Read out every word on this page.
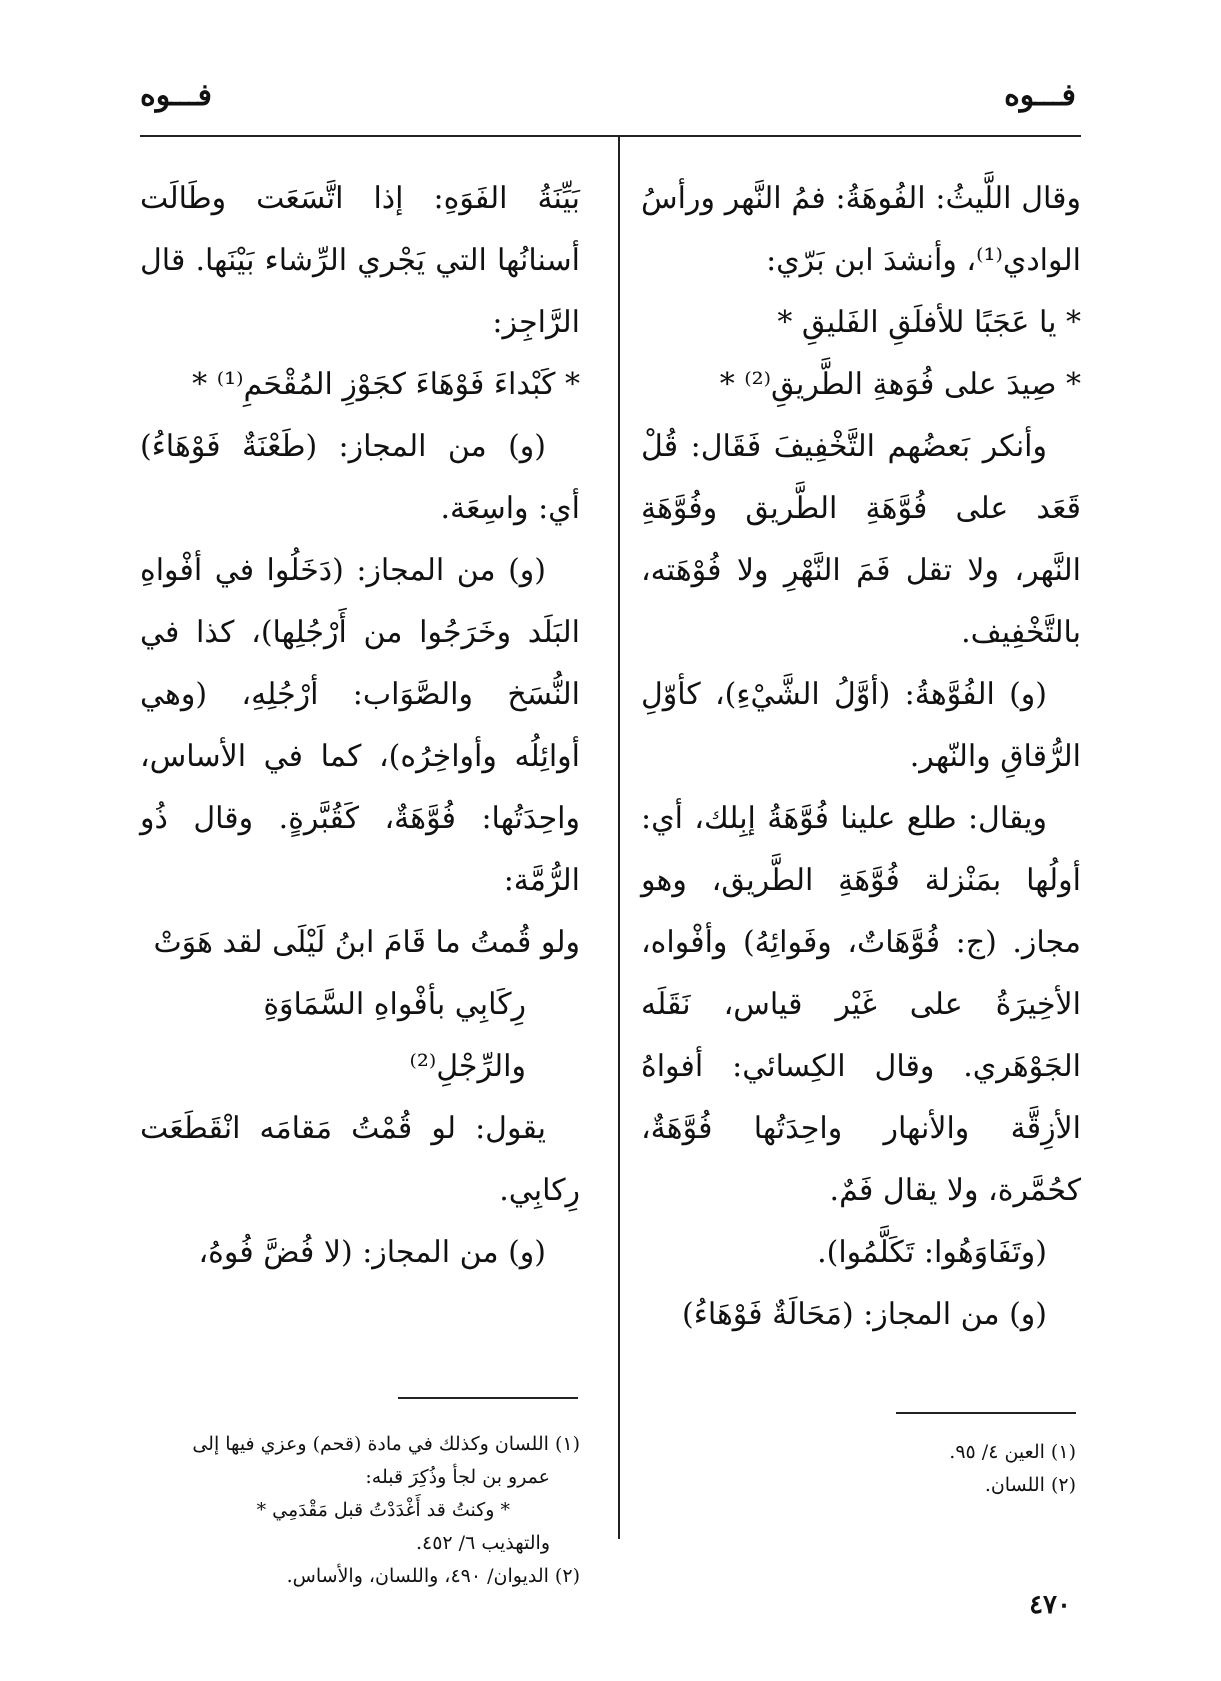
فـــوه
فـــوه

وقال اللَّيثُ: الفُوهَةُ: فمُ النَّهر ورأسُ الوادي⁽¹⁾، وأنشدَ ابن بَرّي:

* يا عَجَبًا للأفلَقِ الفَليقِ *

* صِيدَ على فُوَهةِ الطَّريقِ⁽²⁾ *

وأنكر بَعضُهم التَّخْفِيفَ فَقَال: قُلْ قَعَد على فُوَّهَةِ الطَّريق وفُوَّهَةِ النَّهر، ولا تقل فَمَ النَّهْرِ ولا فُوْهَته، بالتَّخْفِيف.

(و) الفُوَّهةُ: (أوَّلُ الشَّيْءِ)، كأوّلِ الرُّقاقِ والنّهر.

ويقال: طلع علينا فُوَّهَةُ إبِلك، أي: أولُها بمَنْزلة فُوَّهَةِ الطَّريق، وهو مجاز. (ج: فُوَّهَاتٌ، وفَوائِهُ) وأفْواه، الأخِيرَةُ على غَيْر قياس، نَقَلَه الجَوْهَري. وقال الكِسائي: أفواهُ الأزِقَّة والأنهار واحِدَتُها فُوَّهَةٌ، كحُمَّرة، ولا يقال فَمٌ.

(وتَفَاوَهُوا: تَكَلَّمُوا).

(و) من المجاز: (مَحَالَةٌ فَوْهَاءُ)

بَيِّنَةُ الفَوَهِ: إذا اتَّسَعَت وطَالَت أسنانُها التي يَجْري الرِّشاء بَيْنَها. قال الرَّاجِز:

* كَبْداءَ فَوْهَاءَ كجَوْزِ المُقْحَمِ⁽¹⁾ *

(و) من المجاز: (طَعْنَةٌ فَوْهَاءُ) أي: واسِعَة.

(و) من المجاز: (دَخَلُوا في أفْواهِ البَلَد وخَرَجُوا من أَرْجُلِها)، كذا في النُّسَخ والصَّوَاب: أرْجُلِهِ، (وهي أوائِلُه وأواخِرُه)، كما في الأساس، واحِدَتُها: فُوَّهَةٌ، كَقُبَّرةٍ. وقال ذُو الرُّمَّة:

ولو قُمتُ ما قَامَ ابنُ لَيْلَى لقد هَوَتْ

رِكَابِي بأفْواهِ السَّمَاوَةِ والرِّجْلِ⁽²⁾

يقول: لو قُمْتُ مَقامَه انْقَطَعَت رِكابِي.

(و) من المجاز: (لا فُضَّ فُوهُ،

(١) العين ٤/ ٩٥.

(٢) اللسان.

(١) اللسان وكذلك في مادة (قحم) وعزي فيها إلى
عمرو بن لجأ وذُكِرَ قبله:
* وكنتُ قد أَغْدَدْتُ قبل مَقْدَمِي *
والتهذيب ٦/ ٤٥٢.

(٢) الديوان/ ٤٩٠، واللسان، والأساس.

٤٧٠
